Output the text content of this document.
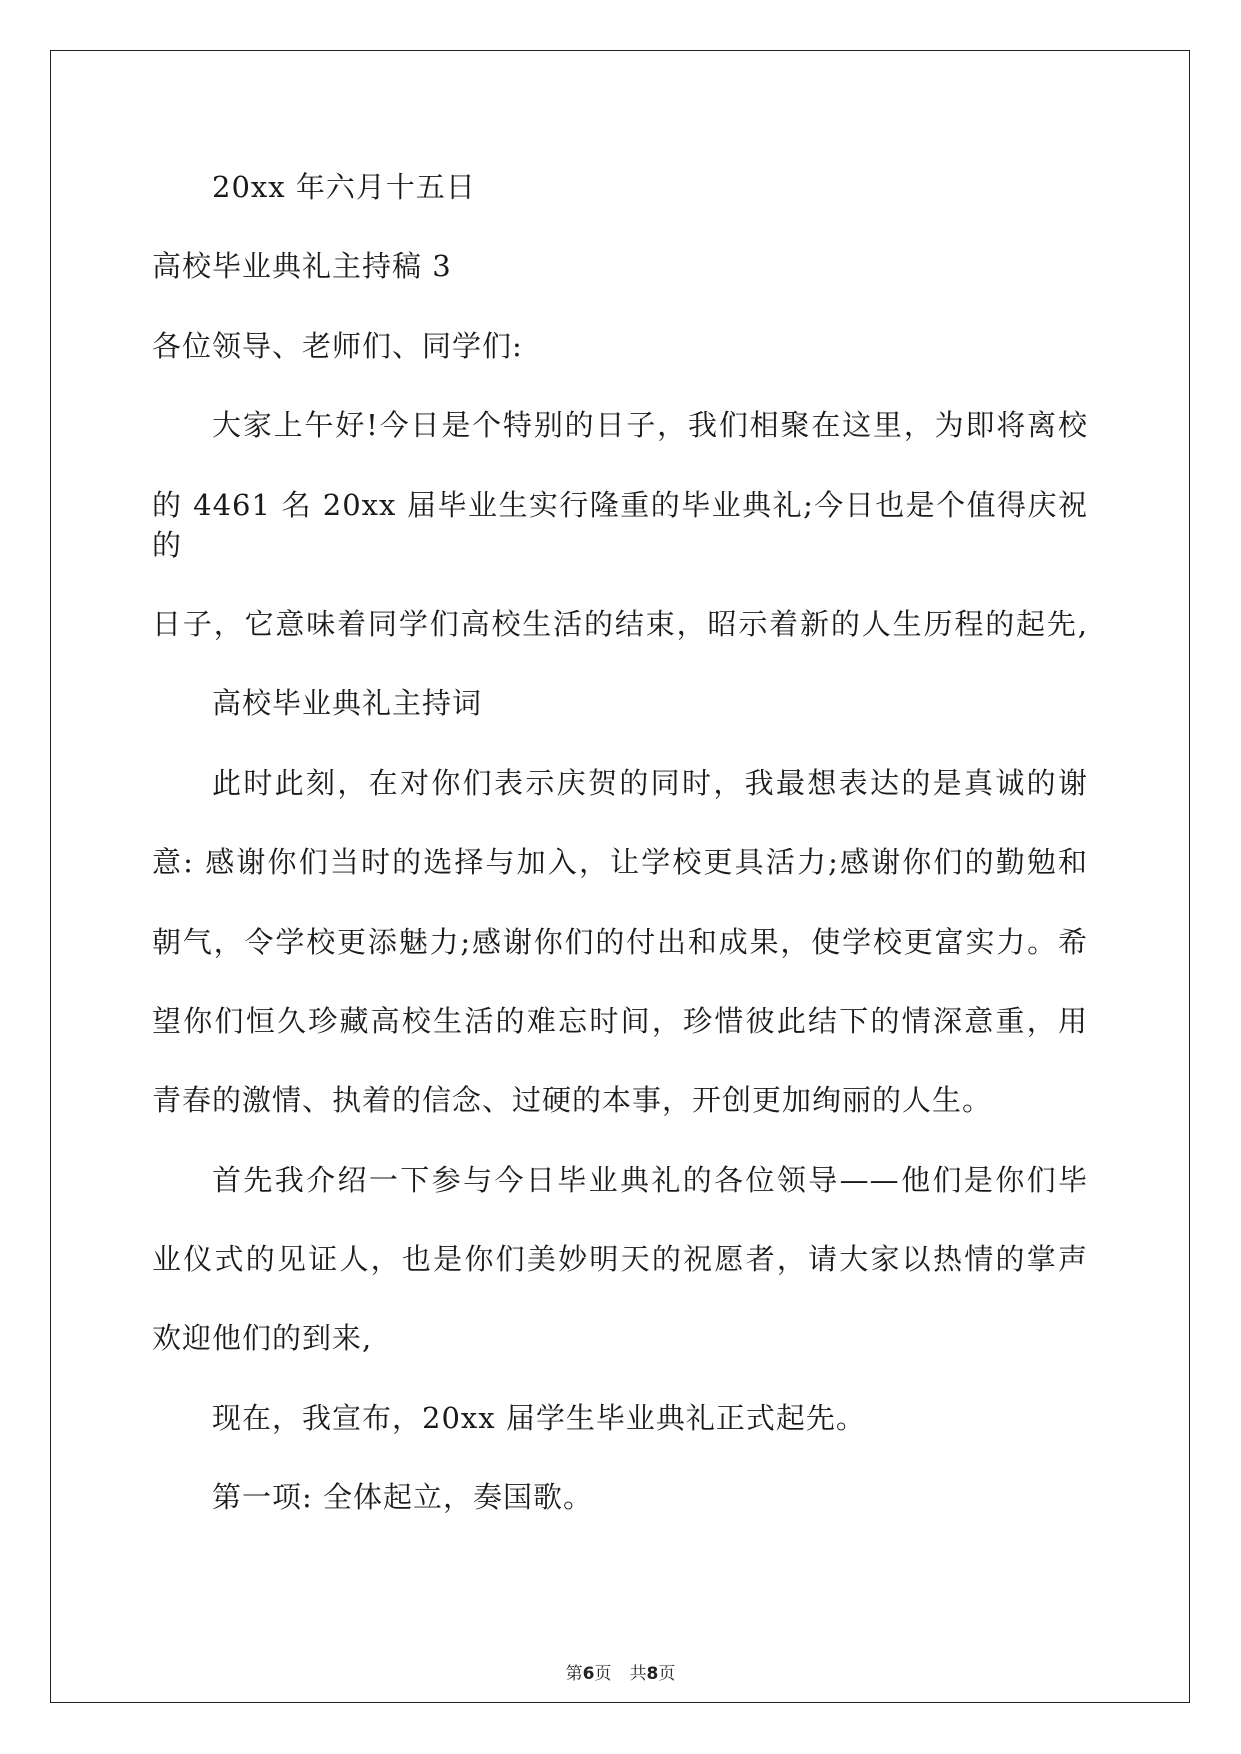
20xx 年六月十五日

高校毕业典礼主持稿 3

各位领导、老师们、同学们:

大家上午好!今日是个特别的日子，我们相聚在这里，为即将离校

的 4461 名 20xx 届毕业生实行隆重的毕业典礼;今日也是个值得庆祝的

日子，它意味着同学们高校生活的结束，昭示着新的人生历程的起先,

高校毕业典礼主持词

此时此刻，在对你们表示庆贺的同时，我最想表达的是真诚的谢

意: 感谢你们当时的选择与加入，让学校更具活力;感谢你们的勤勉和

朝气，令学校更添魅力;感谢你们的付出和成果，使学校更富实力。希

望你们恒久珍藏高校生活的难忘时间，珍惜彼此结下的情深意重，用

青春的激情、执着的信念、过硬的本事，开创更加绚丽的人生。

首先我介绍一下参与今日毕业典礼的各位领导——他们是你们毕

业仪式的见证人，也是你们美妙明天的祝愿者，请大家以热情的掌声

欢迎他们的到来,

现在，我宣布，20xx 届学生毕业典礼正式起先。

第一项: 全体起立，奏国歌。

第6页 共8页
